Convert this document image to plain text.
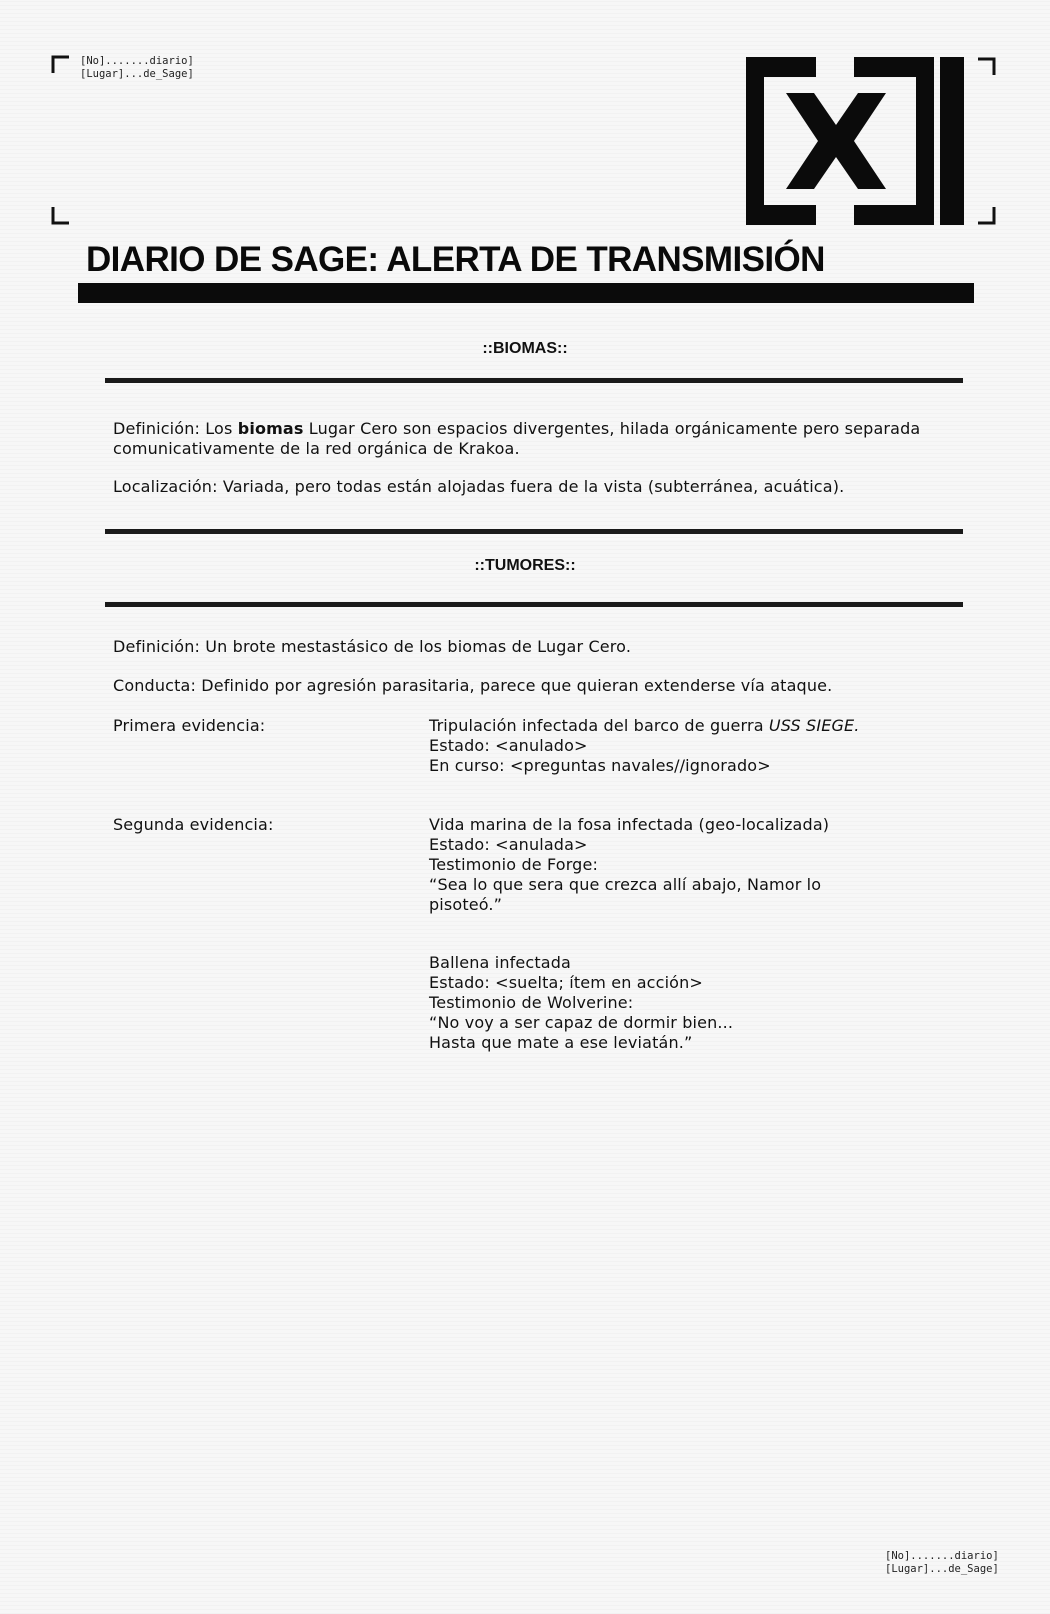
[No].......diario]
[Lugar]...de_Sage]
DIARIO DE SAGE: ALERTA DE TRANSMISIÓN
::BIOMAS::

Definición: Los biomas Lugar Cero son espacios divergentes, hilada orgánicamente pero separada comunicativamente de la red orgánica de Krakoa.

Localización: Variada, pero todas están alojadas fuera de la vista (subterránea, acuática).

::TUMORES::

Definición: Un brote mestastásico de los biomas de Lugar Cero.

Conducta: Definido por agresión parasitaria, parece que quieran extenderse vía ataque.

Primera evidencia:	Tripulación infectada del barco de guerra USS SIEGE.
Estado: <anulado>
En curso: <preguntas navales//ignorado>
Segunda evidencia:	Vida marina de la fosa infectada (geo-localizada)
Estado: <anulada>
Testimonio de Forge:
“Sea lo que sera que crezca allí abajo, Namor lo
pisoteó.”
Ballena infectada
Estado: <suelta; ítem en acción>
Testimonio de Wolverine:
“No voy a ser capaz de dormir bien...
Hasta que mate a ese leviatán.”
[No].......diario]
[Lugar]...de_Sage]
